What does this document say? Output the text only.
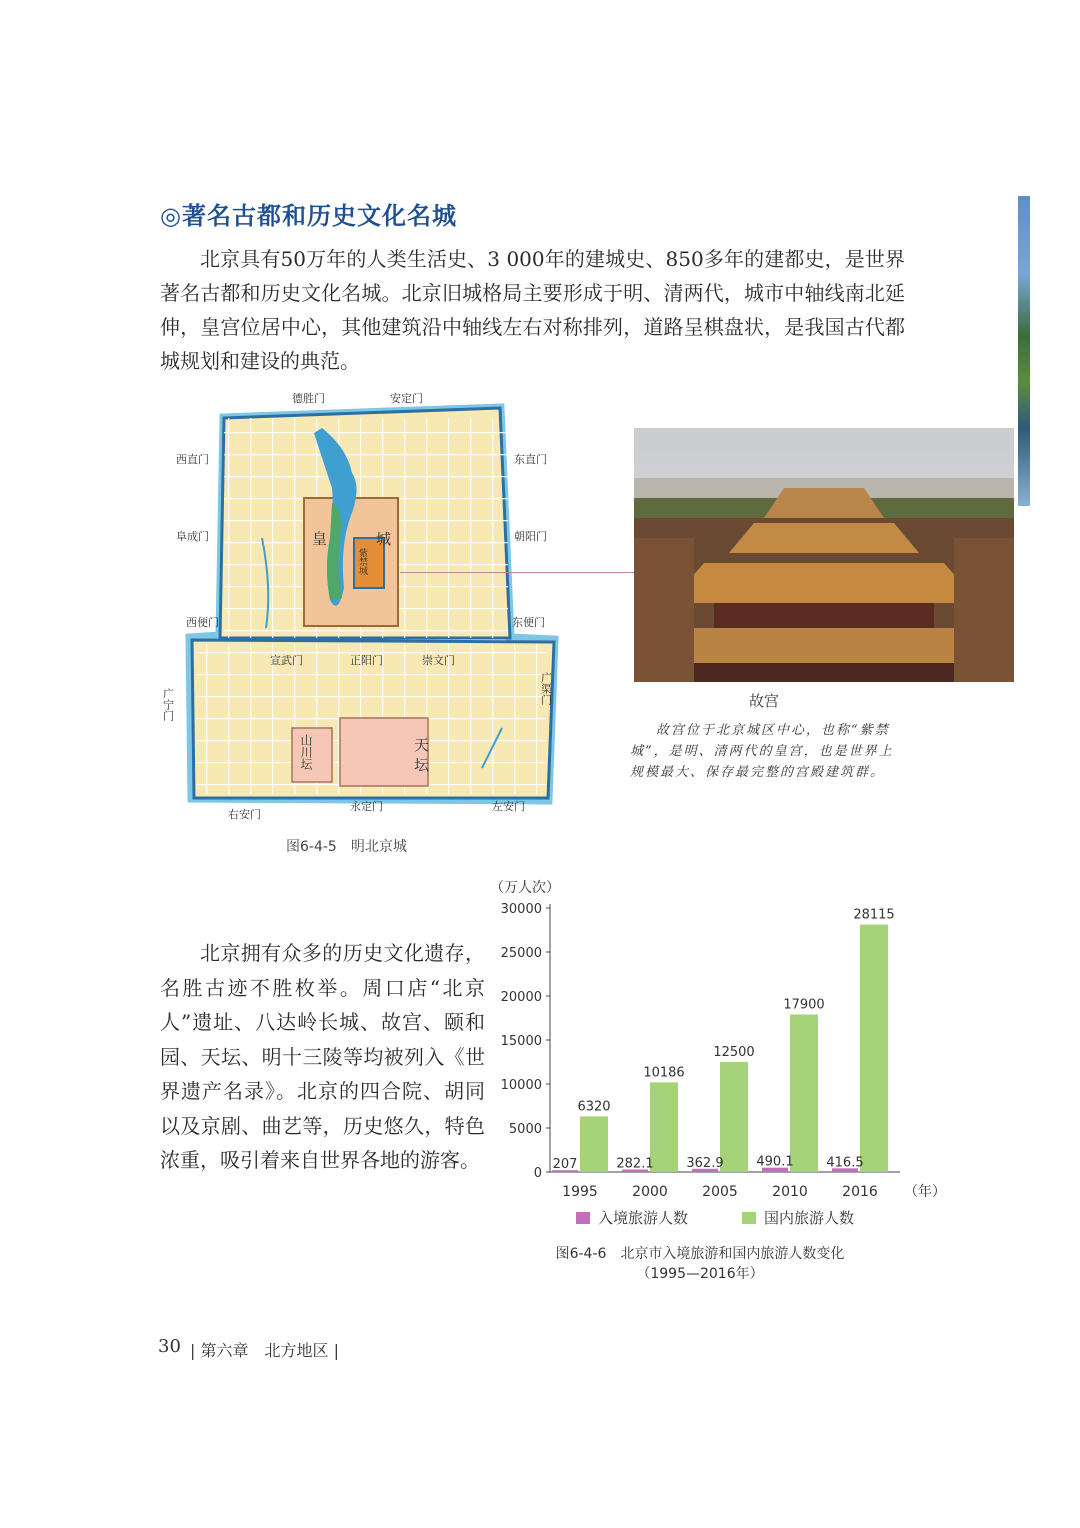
◎著名古都和历史文化名城

北京具有50万年的人类生活史、3 000年的建城史、850多年的建都史，是世界著名古都和历史文化名城。北京旧城格局主要形成于明、清两代，城市中轴线南北延伸，皇宫位居中心，其他建筑沿中轴线左右对称排列，道路呈棋盘状，是我国古代都城规划和建设的典范。

德胜门	安定门
西直门	东直门
阜成门	朝阳门
西便门	东便门
宣武门	正阳门	崇文门
右安门
永定门	左安门
广宁门	广渠门
皇	城
天
坛
紫禁城
山川坛
图6-4-5　明北京城
故宫

故宫位于北京城区中心，也称“紫禁城”，是明、清两代的皇宫，也是世界上规模最大、保存最完整的宫殿建筑群。

北京拥有众多的历史文化遗存，名胜古迹不胜枚举。周口店“北京人”遗址、八达岭长城、故宫、颐和园、天坛、明十三陵等均被列入《世界遗产名录》。北京的四合院、胡同以及京剧、曲艺等，历史悠久，特色浓重，吸引着来自世界各地的游客。

（万人次）
0
5000
10000
15000
20000
25000
30000
207
6320
1995
282.1
10186
2000
362.9
12500
2005
490.1
17900
2010
416.5
28115
2016 （年）
入境旅游人数	国内旅游人数
图6-4-6　北京市入境旅游和国内旅游人数变化
（1995—2016年）
30 | 第六章　北方地区 |
